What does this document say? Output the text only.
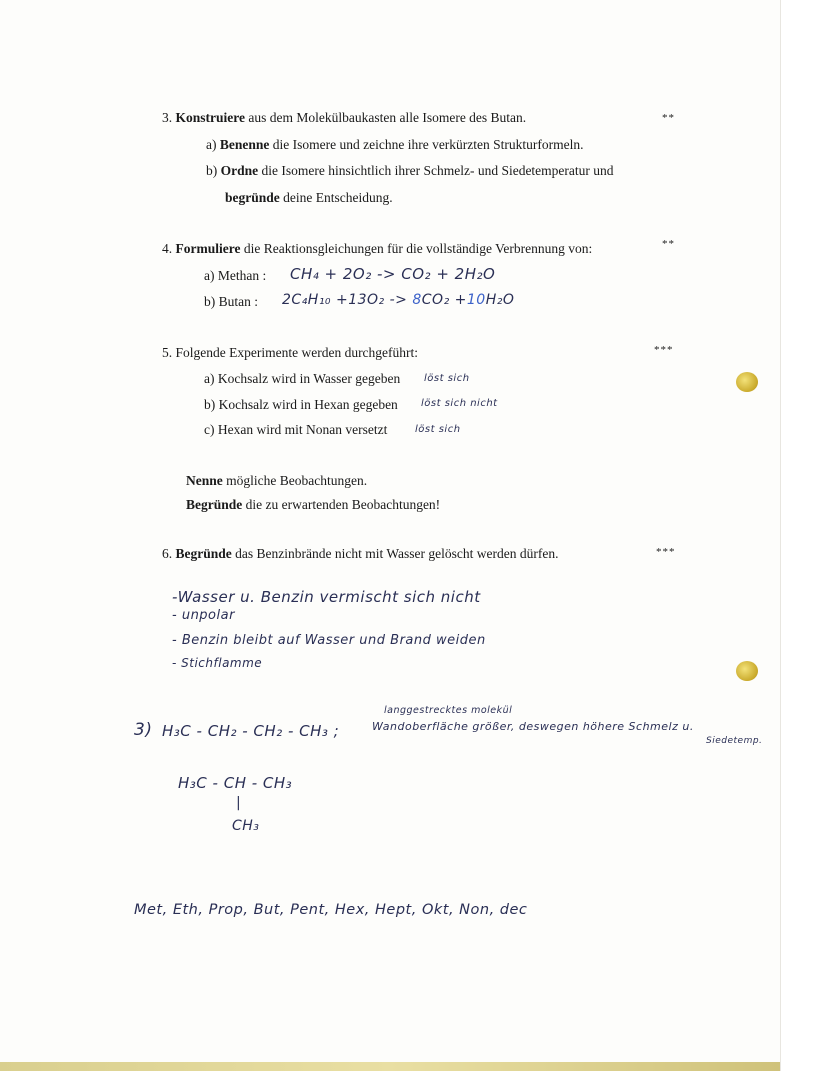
3. Konstruiere aus dem Molekülbaukasten alle Isomere des Butan.	**
a) Benenne die Isomere und zeichne ihre verkürzten Strukturformeln.
b) Ordne die Isomere hinsichtlich ihrer Schmelz- und Siedetemperatur und
begründe deine Entscheidung.
4. Formuliere die Reaktionsgleichungen für die vollständige Verbrennung von:	**
a) Methan : CH₄ + 2O₂ -> CO₂ + 2H₂O
b) Butan : 2C₄H₁₀ +13O₂ -> 8CO₂ +10H₂O
5. Folgende Experimente werden durchgeführt:	***
a) Kochsalz wird in Wasser gegeben löst sich
b) Kochsalz wird in Hexan gegeben löst sich nicht
c) Hexan wird mit Nonan versetzt	löst sich
Nenne mögliche Beobachtungen.
Begründe die zu erwartenden Beobachtungen!
6. Begründe das Benzinbrände nicht mit Wasser gelöscht werden dürfen.	***
-Wasser u. Benzin vermischt sich nicht
- unpolar
- Benzin bleibt auf Wasser und Brand weiden
- Stichflamme
langgestrecktes molekül
3) H₃C - CH₂ - CH₂ - CH₃ ;	Wandoberfläche größer, deswegen höhere Schmelz u.
Siedetemp.
H₃C - CH - CH₃
|
CH₃
Met, Eth, Prop, But, Pent, Hex, Hept, Okt, Non, dec
